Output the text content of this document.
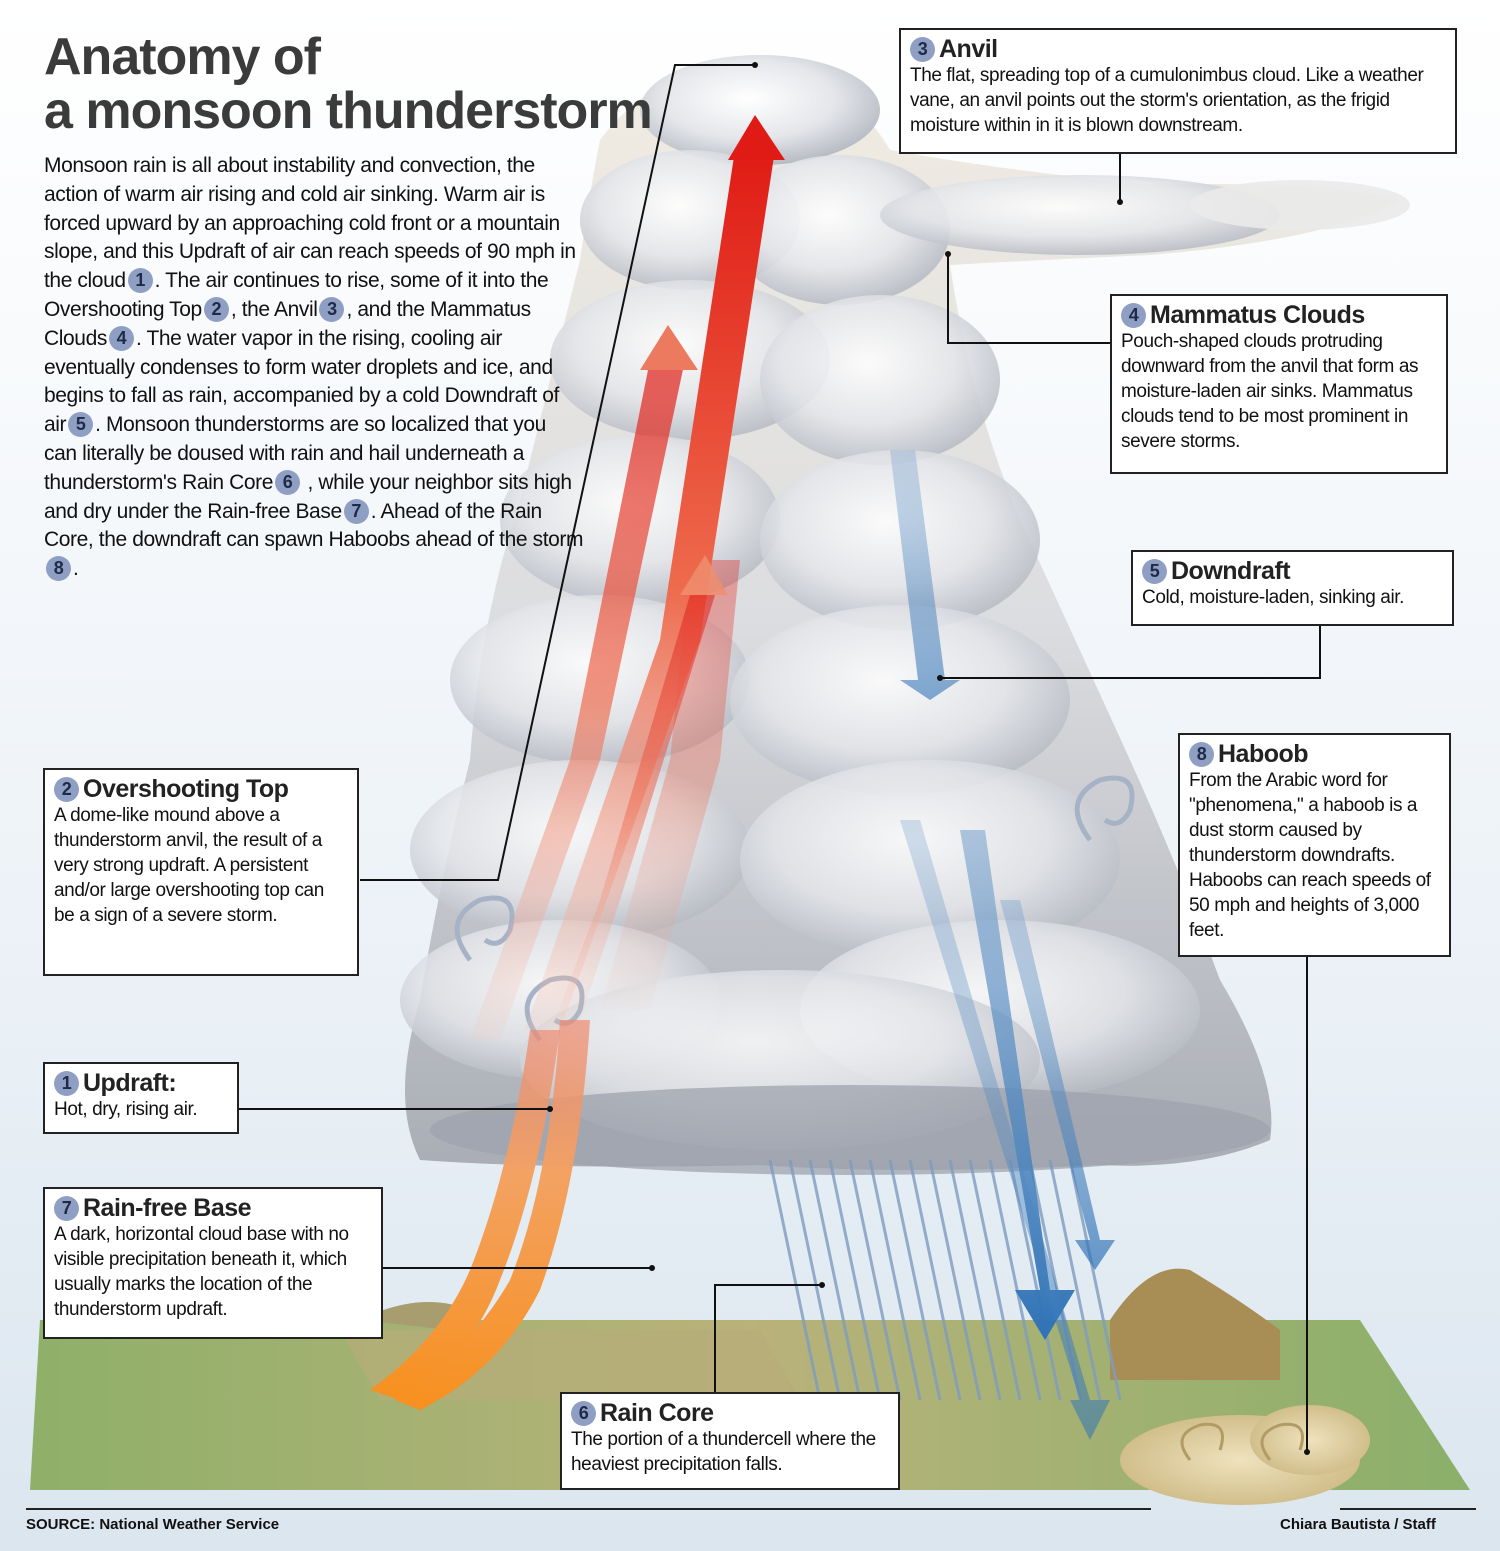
Anatomy of
a monsoon thunderstorm
Monsoon rain is all about instability and convection, the action of warm air rising and cold air sinking. Warm air is forced upward by an approaching cold front or a mountain slope, and this Updraft of air can reach speeds of 90 mph in the cloud 1 . The air continues to rise, some of it into the Overshooting Top 2 , the Anvil 3 , and the Mammatus Clouds 4 . The water vapor in the rising, cooling air eventually condenses to form water droplets and ice, and begins to fall as rain, accompanied by a cold Downdraft of air 5 . Monsoon thunderstorms are so localized that you can literally be doused with rain and hail underneath a thunderstorm's Rain Core 6 , while your neighbor sits high and dry under the Rain-free Base 7 . Ahead of the Rain Core, the downdraft can spawn Haboobs ahead of the storm8 .
3 Anvil
The flat, spreading top of a cumulonimbus cloud. Like a weather vane, an anvil points out the storm's orientation, as the frigid moisture within in it is blown downstream.
4 Mammatus Clouds
Pouch-shaped clouds protruding downward from the anvil that form as moisture-laden air sinks. Mammatus clouds tend to be most prominent in severe storms.
5 Downdraft
Cold, moisture-laden, sinking air.
8 Haboob
From the Arabic word for "phenomena," a haboob is a dust storm caused by thunderstorm downdrafts. Haboobs can reach speeds of 50 mph and heights of 3,000 feet.
2 Overshooting Top
A dome-like mound above a thunderstorm anvil, the result of a very strong updraft. A persistent and/or large overshooting top can be a sign of a severe storm.
1 Updraft:
Hot, dry, rising air.
7 Rain-free Base
A dark, horizontal cloud base with no visible precipitation beneath it, which usually marks the location of the thunderstorm updraft.
6 Rain Core
The portion of a thundercell where the heaviest precipitation falls.
SOURCE: National Weather Service	Chiara Bautista / Staff
